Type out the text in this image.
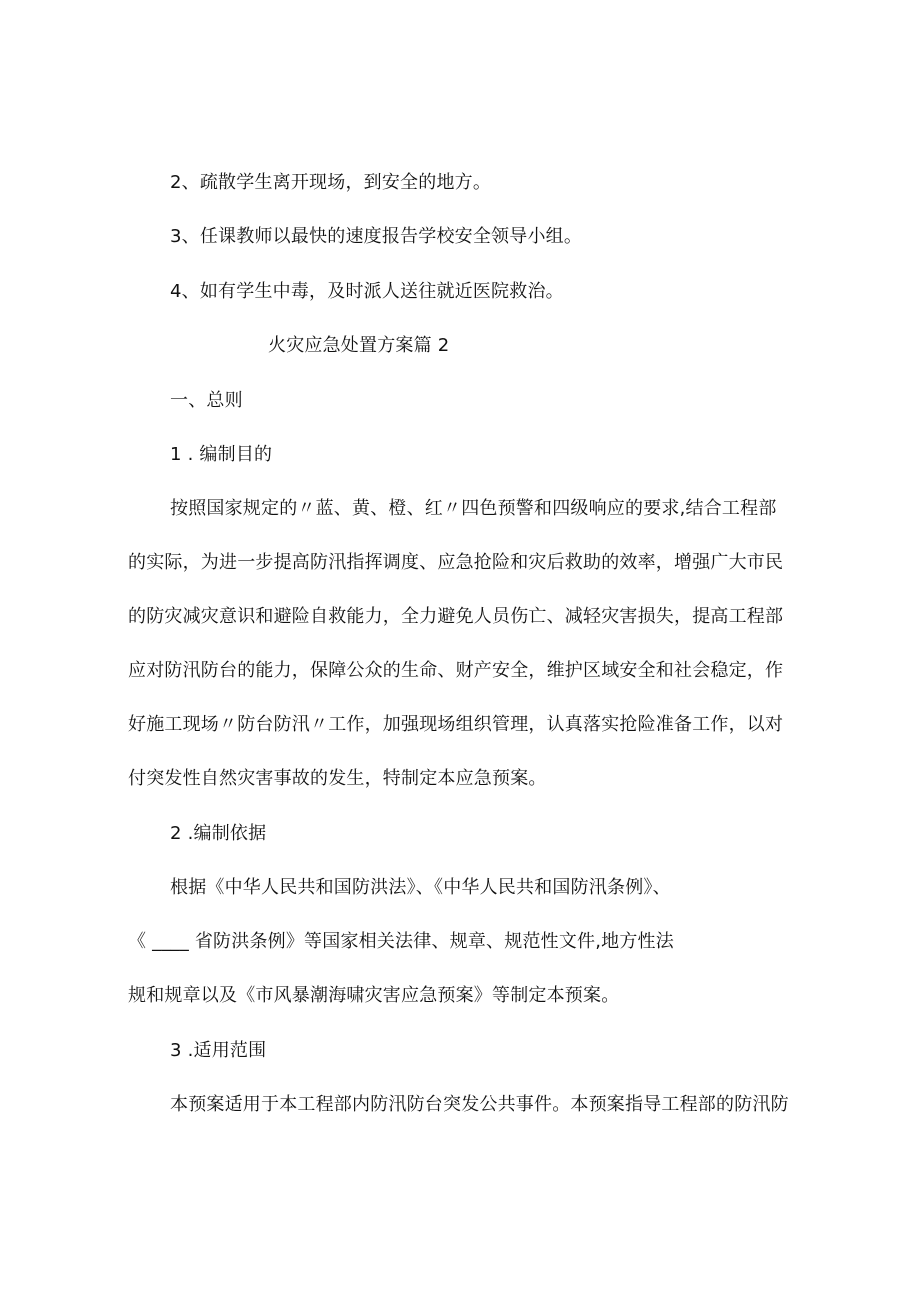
2、疏散学生离开现场，到安全的地方。
3、任课教师以最快的速度报告学校安全领导小组。
4、如有学生中毒，及时派人送往就近医院救治。
火灾应急处置方案篇 2
一、总则
1 . 编制目的
按照国家规定的〃蓝、黄、橙、红〃四色预警和四级响应的要求,结合工程部
的实际，为进一步提高防汛指挥调度、应急抢险和灾后救助的效率，增强广大市民
的防灾减灾意识和避险自救能力，全力避免人员伤亡、减轻灾害损失，提高工程部
应对防汛防台的能力，保障公众的生命、财产安全，维护区域安全和社会稳定，作
好施工现场〃防台防汛〃工作，加强现场组织管理，认真落实抢险准备工作，以对
付突发性自然灾害事故的发生，特制定本应急预案。
2 .编制依据
根据《中华人民共和国防洪法》、《中华人民共和国防汛条例》、
《 ____ 省防洪条例》等国家相关法律、规章、规范性文件,地方性法
规和规章以及《市风暴潮海啸灾害应急预案》等制定本预案。
3 .适用范围
本预案适用于本工程部内防汛防台突发公共事件。本预案指导工程部的防汛防
